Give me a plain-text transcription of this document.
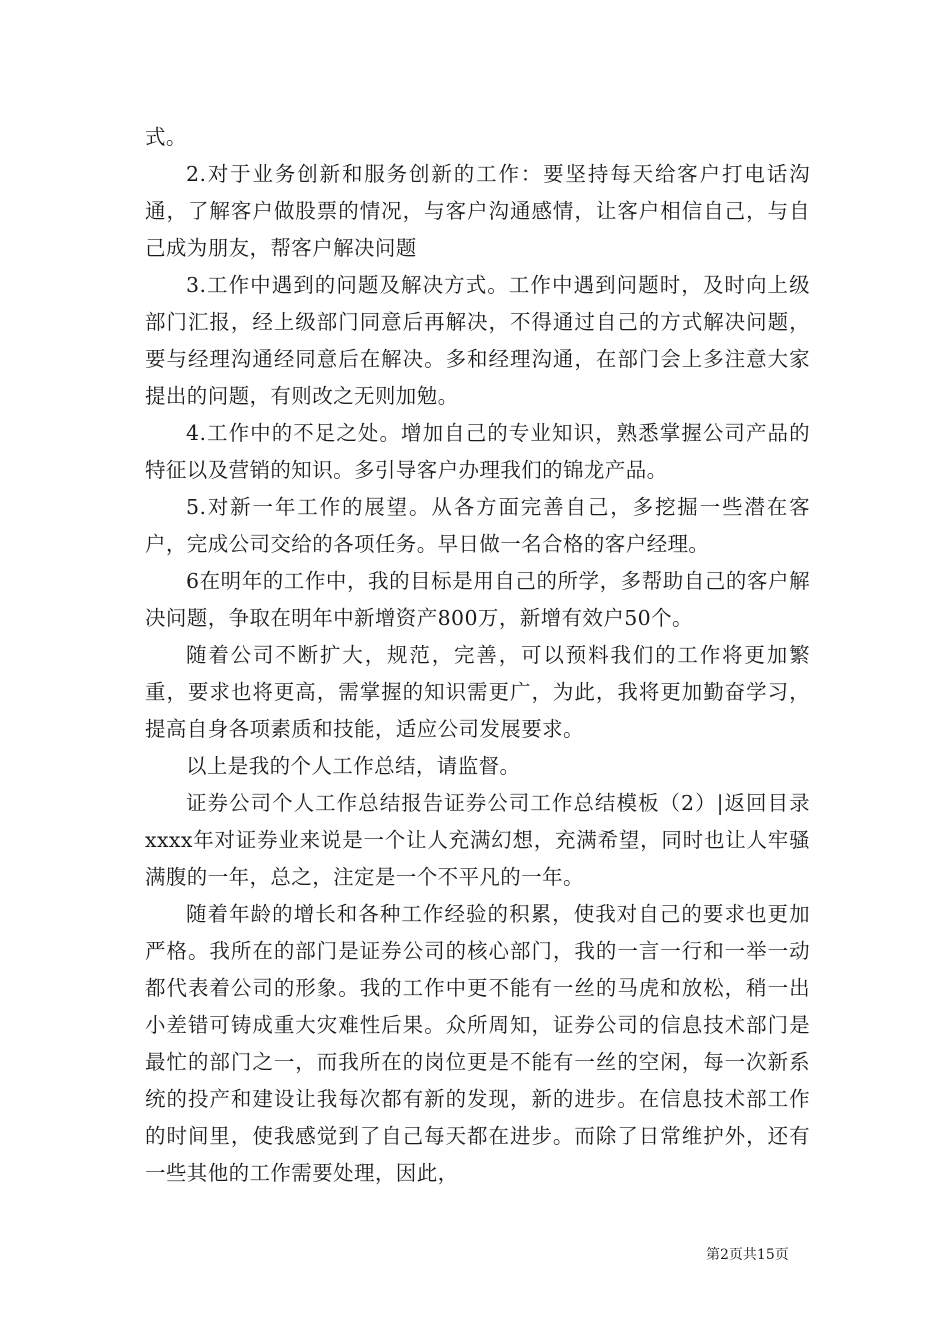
式。

2.对于业务创新和服务创新的工作：要坚持每天给客户打电话沟通，了解客户做股票的情况，与客户沟通感情，让客户相信自己，与自己成为朋友，帮客户解决问题

3.工作中遇到的问题及解决方式。工作中遇到问题时，及时向上级部门汇报，经上级部门同意后再解决，不得通过自己的方式解决问题，要与经理沟通经同意后在解决。多和经理沟通，在部门会上多注意大家提出的问题，有则改之无则加勉。

4.工作中的不足之处。增加自己的专业知识，熟悉掌握公司产品的特征以及营销的知识。多引导客户办理我们的锦龙产品。

5.对新一年工作的展望。从各方面完善自己，多挖掘一些潜在客户，完成公司交给的各项任务。早日做一名合格的客户经理。

6在明年的工作中，我的目标是用自己的所学，多帮助自己的客户解决问题，争取在明年中新增资产800万，新增有效户50个。

随着公司不断扩大，规范，完善，可以预料我们的工作将更加繁重，要求也将更高，需掌握的知识需更广，为此，我将更加勤奋学习，提高自身各项素质和技能，适应公司发展要求。

以上是我的个人工作总结，请监督。

证券公司个人工作总结报告证券公司工作总结模板（2）|返回目录xxxx年对证券业来说是一个让人充满幻想，充满希望，同时也让人牢骚满腹的一年，总之，注定是一个不平凡的一年。

随着年龄的增长和各种工作经验的积累，使我对自己的要求也更加严格。我所在的部门是证券公司的核心部门，我的一言一行和一举一动都代表着公司的形象。我的工作中更不能有一丝的马虎和放松，稍一出小差错可铸成重大灾难性后果。众所周知，证券公司的信息技术部门是最忙的部门之一，而我所在的岗位更是不能有一丝的空闲，每一次新系统的投产和建设让我每次都有新的发现，新的进步。在信息技术部工作的时间里，使我感觉到了自己每天都在进步。而除了日常维护外，还有一些其他的工作需要处理，因此，

第2页共15页
